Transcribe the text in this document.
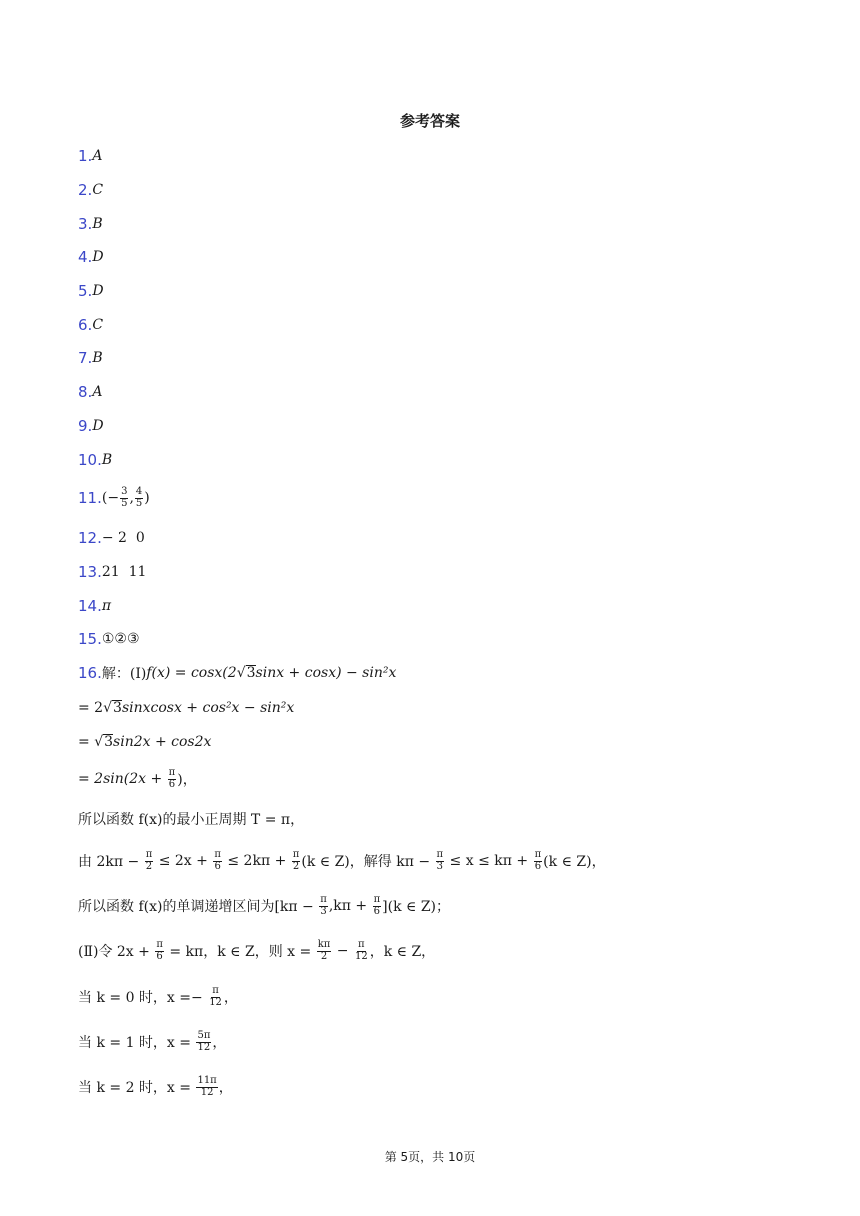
参考答案
1. A
2. C
3. B
4. D
5. D
6. C
7. B
8. A
9. D
10. B
11. ( − $\frac{3}{5}$ , $\frac{4}{5}$ )
12. − 2  0
13. 21  11
14. π
15. ①②③
16. 解：(I) f(x) = cosx(2 √ 3 sinx + cosx) − sin²x
= 2 √ 3 sinxcosx + cos²x − sin²x
= √ 3 sin2x + cos2x
= $2\sin(2x + \frac{\pi}{6}$ )，
所以函数 f(x)的最小正周期 T = π，
由 $2k\pi - \frac{\pi}{2} \le 2x + \frac{\pi}{6} \le 2k\pi + \frac{\pi}{2} (k$ ∈ Z)，解得 $k\pi - \frac{\pi}{3} \le x \le k\pi + \frac{\pi}{6} (k$ ∈ Z)，
所以函数 f(x)的单调递增区间为$[k\pi - \frac{\pi}{3} ,k\pi + \frac{\pi}{6} ](k$ ∈ Z)；
(Ⅱ)令 $2x + \frac{\pi}{6} = k\pi$，k ∈ Z，则 $x = \frac{k\pi}{2} - \frac{\pi}{12}$ ，k ∈ Z，
当 k = 0 时，$x =- \frac{\pi}{12}$ ，
当 k = 1 时，$x = \frac{5\pi}{12}$ ，
当 k = 2 时，$x = \frac{11\pi}{12}$ ，
第 5页，共 10页
